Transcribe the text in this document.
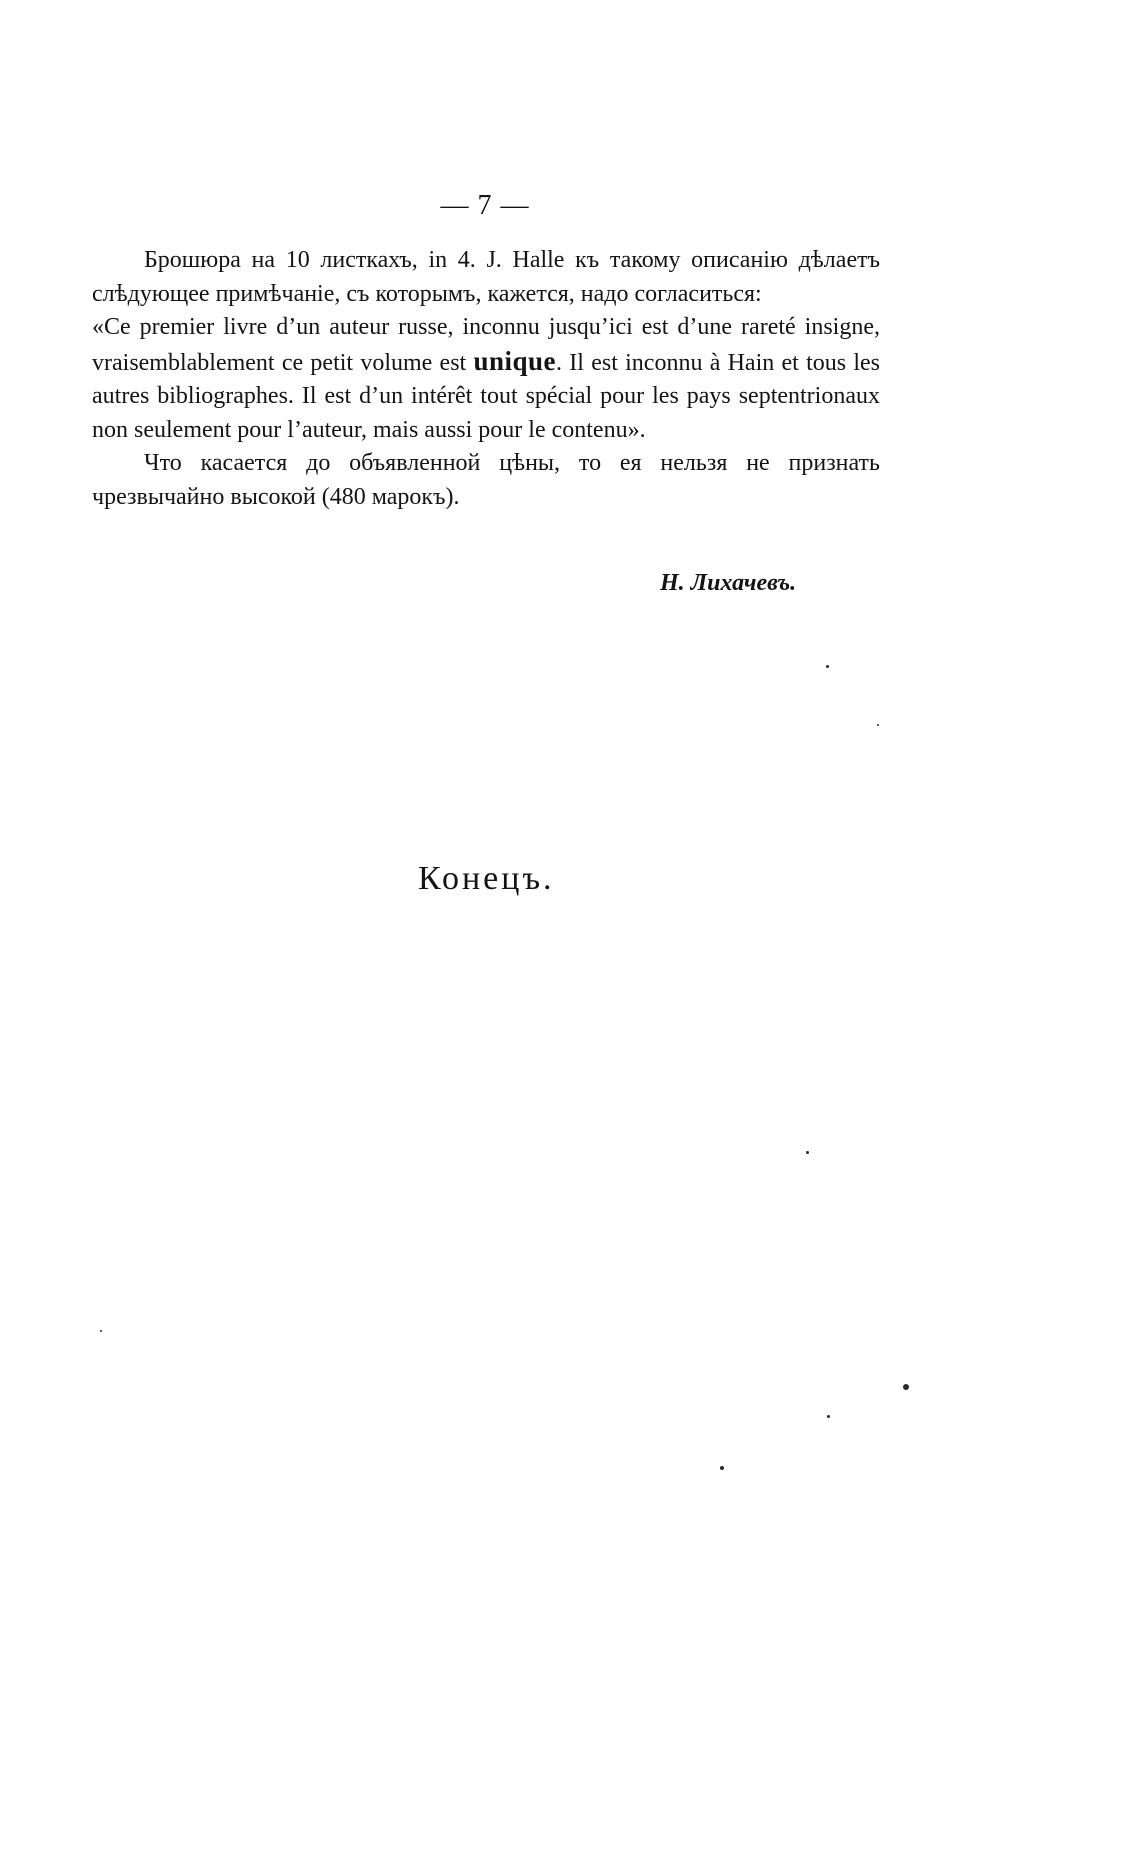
— 7 —

Брошюра на 10 листкахъ, in 4. J. Halle къ такому описанію дѣлаетъ слѣдующее примѣчаніе, съ которымъ, кажется, надо согласиться:

«Ce premier livre d’un auteur russe, inconnu jusqu’ici est d’une rareté insigne, vraisemblablement ce petit volume est unique. Il est inconnu à Hain et tous les autres bibliographes. Il est d’un intérêt tout spécial pour les pays septentrionaux non seulement pour l’auteur, mais aussi pour le contenu».

Что касается до объявленной цѣны, то ея нельзя не признать чрезвычайно высокой (480 марокъ).

Н. Лихачевъ.
Конецъ.
